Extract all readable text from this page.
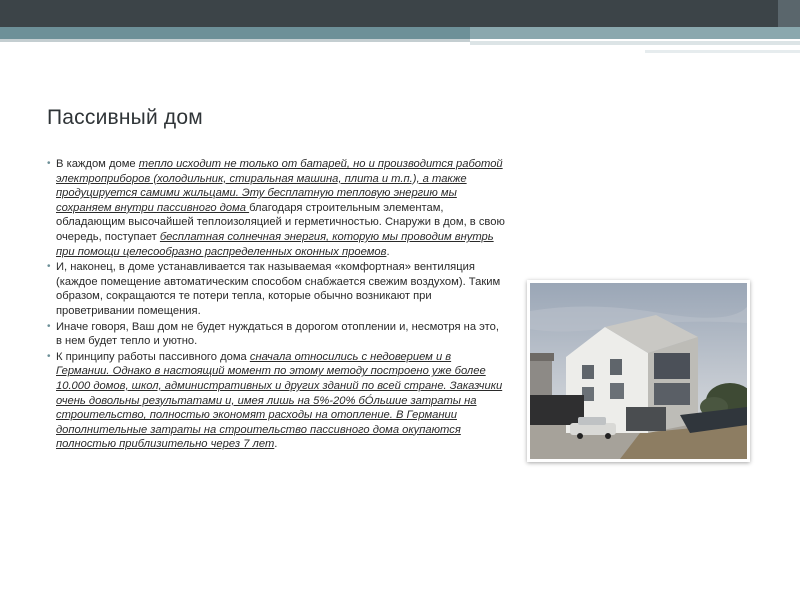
Пассивный дом
• В каждом доме тепло исходит не только от батарей, но и производится работой электроприборов (холодильник, стиральная машина, плита и т.п.), а также продуцируется самими жильцами. Эту бесплатную тепловую энергию мы сохраняем внутри пассивного дома благодаря строительным элементам, обладающим высочайшей теплоизоляцией и герметичностью. Снаружи в дом, в свою очередь, поступает бесплатная солнечная энергия, которую мы проводим внутрь при помощи целесообразно распределенных оконных проемов.
• И, наконец, в доме устанавливается так называемая «комфортная» вентиляция (каждое помещение автоматическим способом снабжается свежим воздухом). Таким образом, сокращаются те потери тепла, которые обычно возникают при проветривании помещения.
• Иначе говоря, Ваш дом не будет нуждаться в дорогом отоплении и, несмотря на это, в нем будет тепло и уютно.
• К принципу работы пассивного дома сначала относились с недоверием и в Германии. Однако в настоящий момент по этому методу построено уже более 10.000 домов, школ, административных и других зданий по всей стране. Заказчики очень довольны результатами и, имея лишь на 5%-20% бÓльшие затраты на строительство, полностью экономят расходы на отопление. В Германии дополнительные затраты на строительство пассивного дома окупаются полностью приблизительно через 7 лет.
